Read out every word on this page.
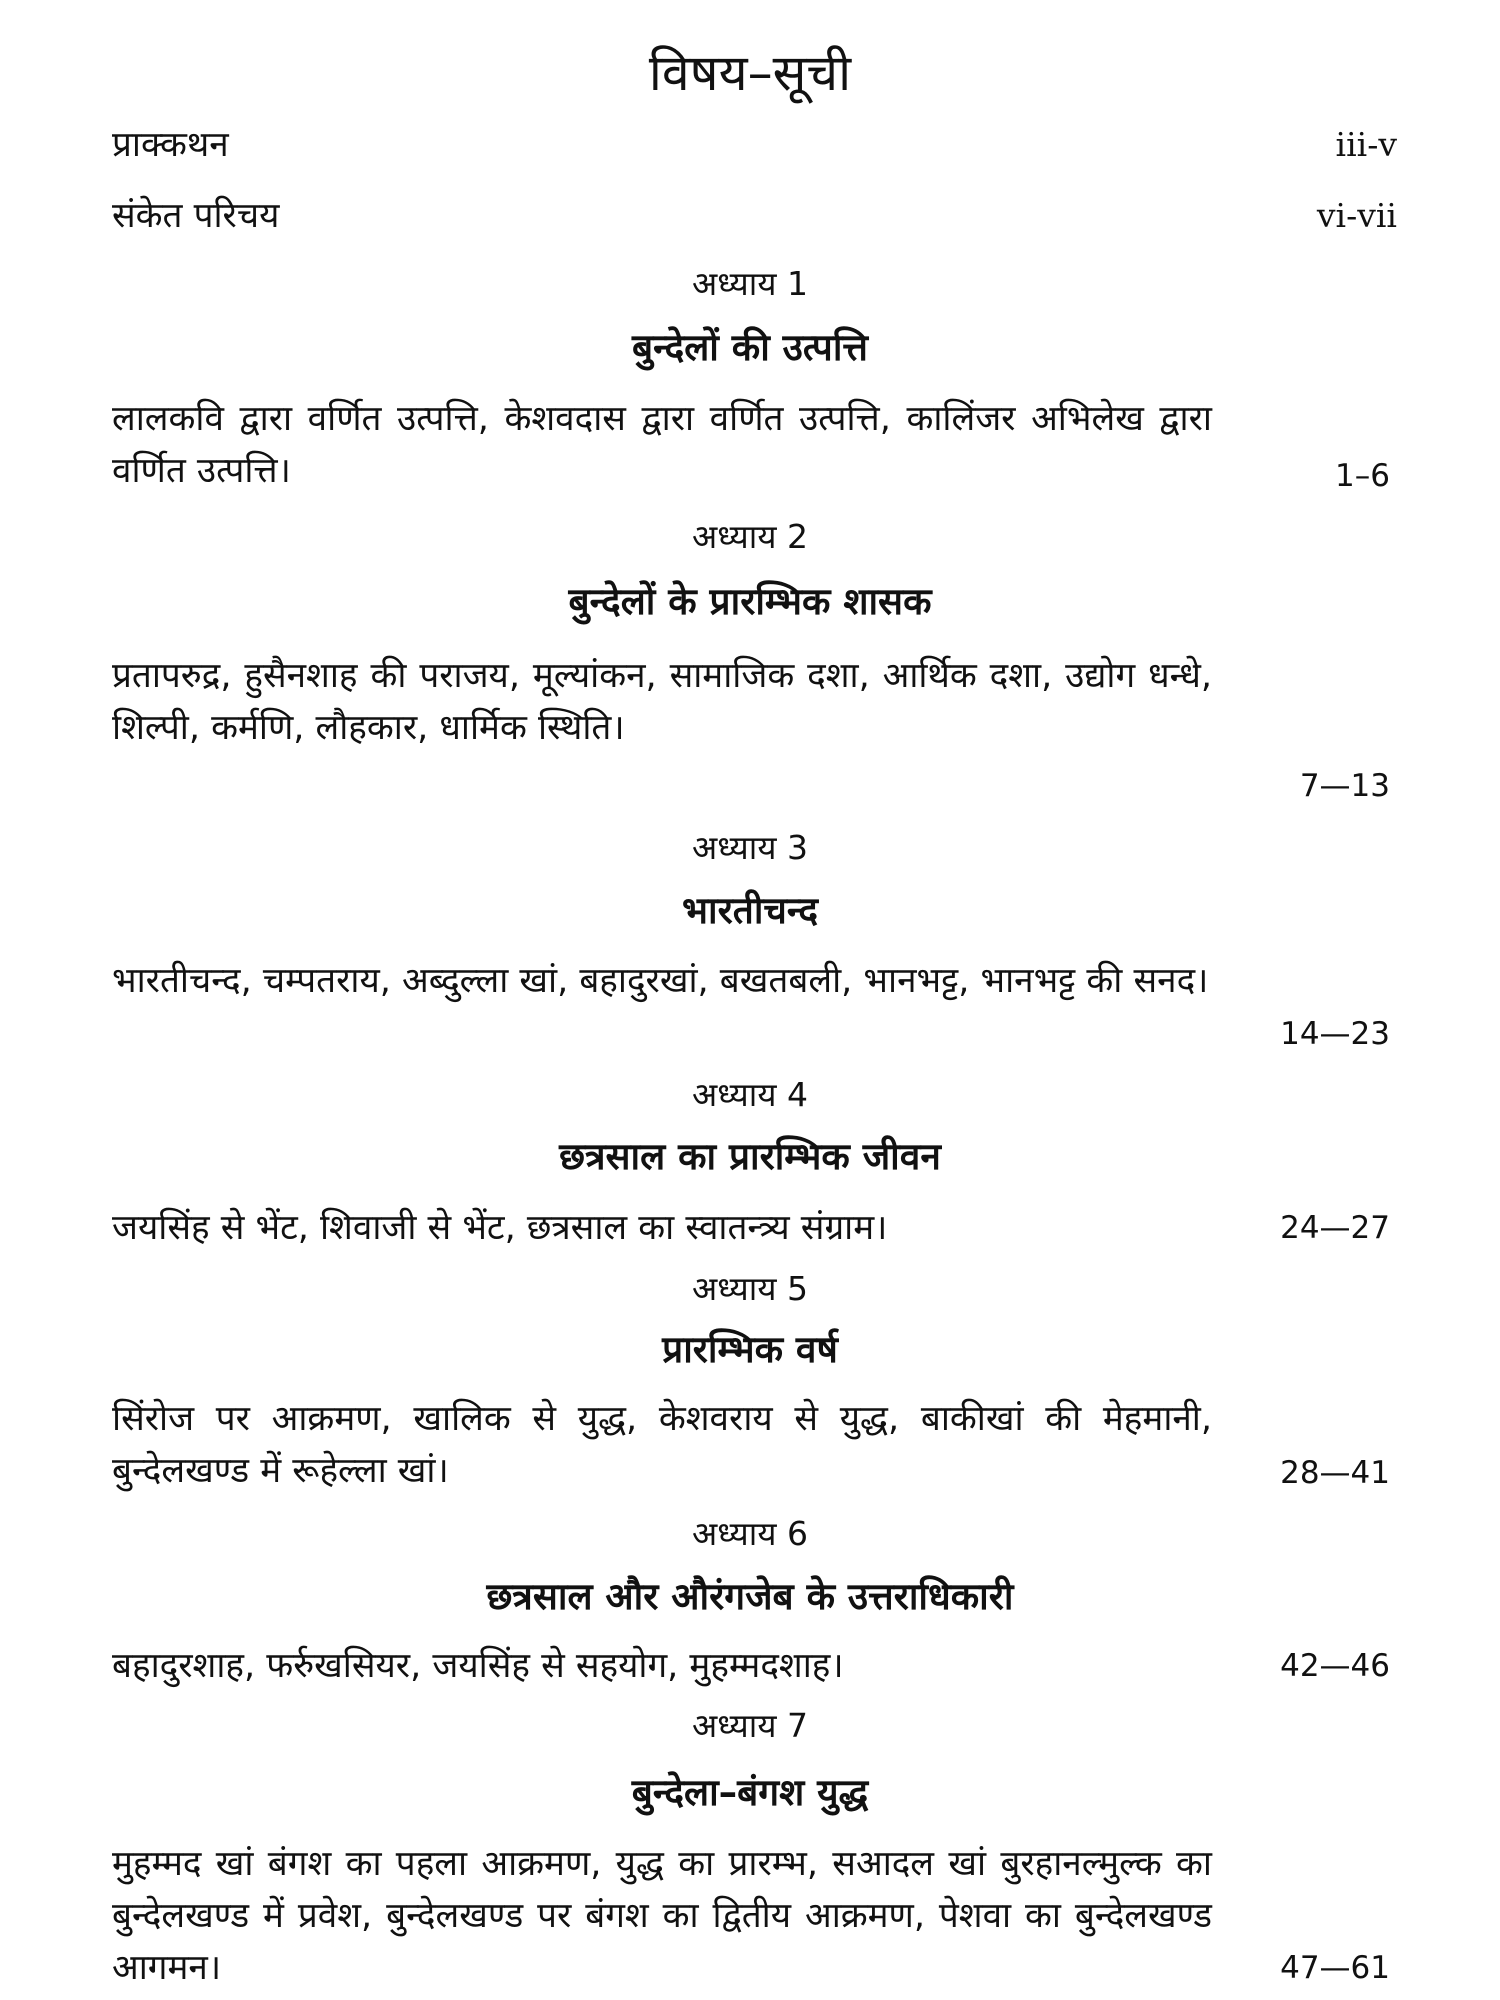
विषय–सूची
प्राक्कथन	iii-v
संकेत परिचय	vi-vii
अध्याय 1
बुन्देलों की उत्पत्ति
लालकवि द्वारा वर्णित उत्पत्ति, केशवदास द्वारा वर्णित उत्पत्ति, कालिंजर अभिलेख द्वारा वर्णित उत्पत्ति।	1–6
अध्याय 2
बुन्देलों के प्रारम्भिक शासक
प्रतापरुद्र, हुसैनशाह की पराजय, मूल्यांकन, सामाजिक दशा, आर्थिक दशा, उद्योग धन्धे, शिल्पी, कर्मणि, लौहकार, धार्मिक स्थिति।
7—13
अध्याय 3
भारतीचन्द
भारतीचन्द, चम्पतराय, अब्दुल्ला खां, बहादुरखां, बखतबली, भानभट्ट, भानभट्ट की सनद।
14—23
अध्याय 4
छत्रसाल का प्रारम्भिक जीवन
जयसिंह से भेंट, शिवाजी से भेंट, छत्रसाल का स्वातन्त्र्य संग्राम।	24—27
अध्याय 5
प्रारम्भिक वर्ष
सिंरोज पर आक्रमण, खालिक से युद्ध, केशवराय से युद्ध, बाकीखां की मेहमानी, बुन्देलखण्ड में रूहेल्ला खां।	28—41
अध्याय 6
छत्रसाल और औरंगजेब के उत्तराधिकारी
बहादुरशाह, फर्रुखसियर, जयसिंह से सहयोग, मुहम्मदशाह।	42—46
अध्याय 7
बुन्देला–बंगश युद्ध
मुहम्मद खां बंगश का पहला आक्रमण, युद्ध का प्रारम्भ, सआदल खां बुरहानल्मुल्क का बुन्देलखण्ड में प्रवेश, बुन्देलखण्ड पर बंगश का द्वितीय आक्रमण, पेशवा का बुन्देलखण्ड आगमन।	47—61
